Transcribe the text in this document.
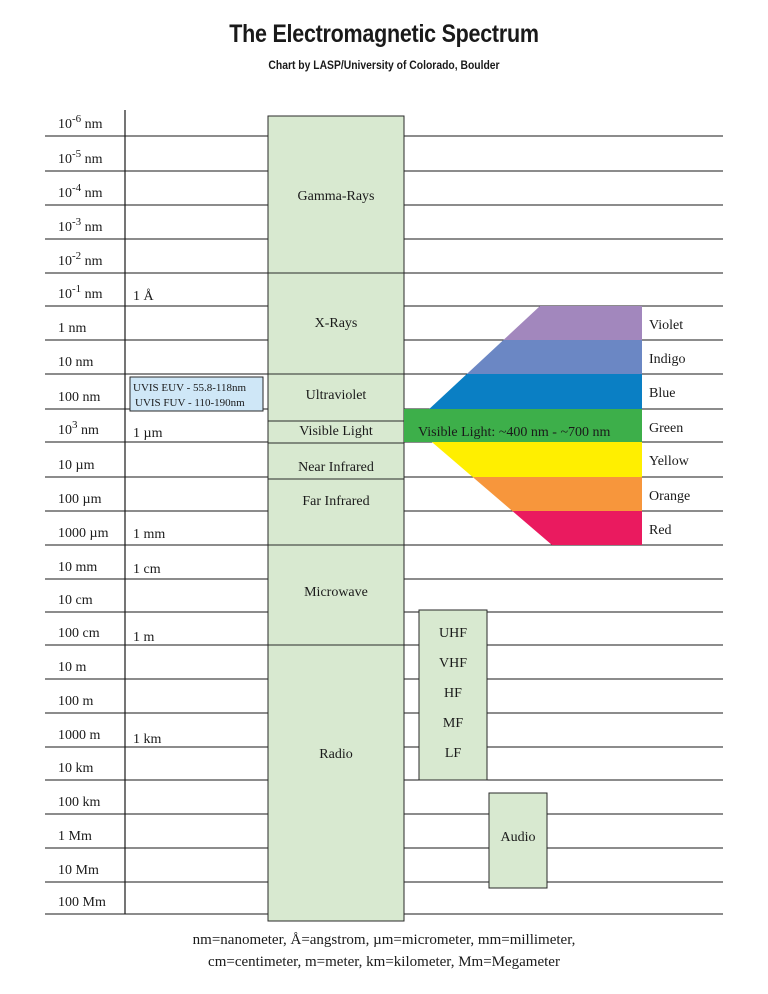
The Electromagnetic Spectrum
Chart by LASP/University of Colorado, Boulder
$10^{-6}$ nm
$10^{-5}$ nm
$10^{-4}$ nm
$10^{-3}$ nm
$10^{-2}$ nm
$10^{-1}$ nm
1 nm
10 nm
100 nm
$10^3$ nm
10 µm
100 µm
1000 µm
10 mm
10 cm
100 cm
10 m
100 m
1000 m
10 km
100 km
1 Mm
10 Mm
100 Mm
1 Å
1 µm
1 mm
1 cm
1 m
1 km
UVIS EUV - 55.8-118nm
UVIS FUV - 110-190nm
Gamma-Rays
X-Rays
Ultraviolet
Visible Light
Near Infrared
Far Infrared
Microwave
Radio
UHF
VHF
HF
MF
LF
Audio
Violet
Indigo
Blue
Green
Yellow
Orange
Red
Visible Light: ~400 nm - ~700 nm
nm=nanometer, Å=angstrom, µm=micrometer, mm=millimeter,
cm=centimeter, m=meter, km=kilometer, Mm=Megameter
